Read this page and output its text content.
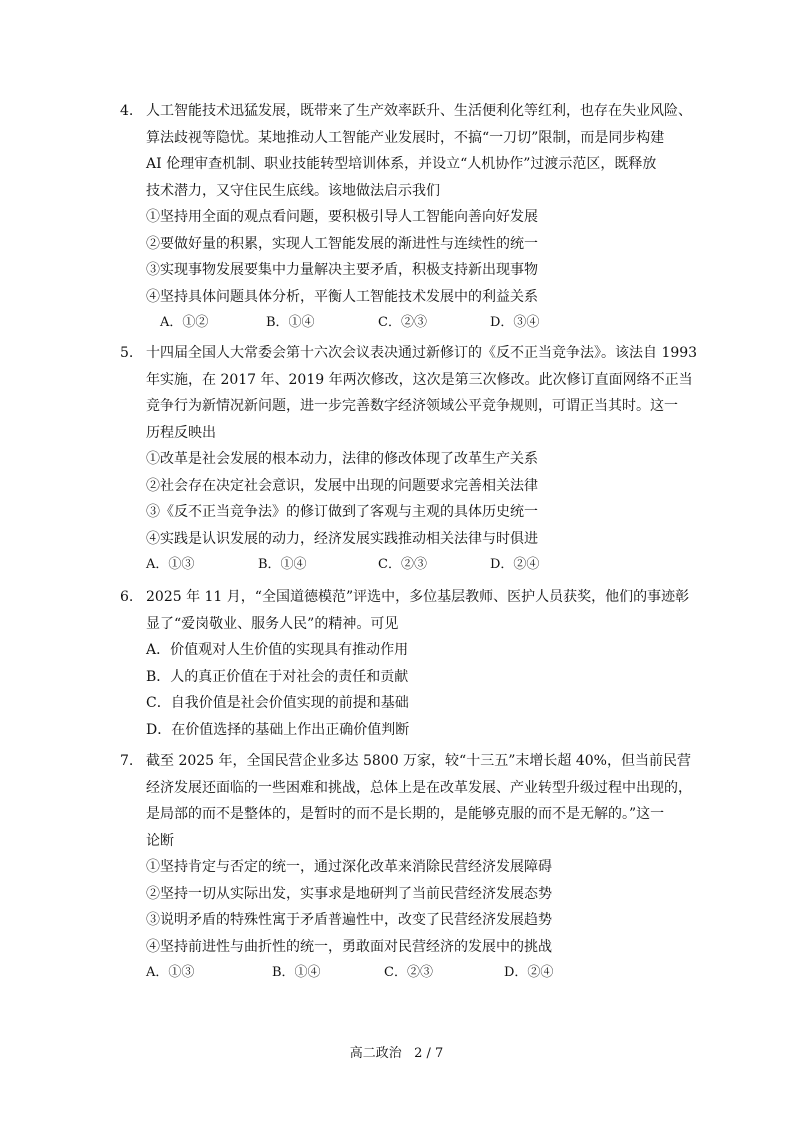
4. 人工智能技术迅猛发展，既带来了生产效率跃升、生活便利化等红利，也存在失业风险、
算法歧视等隐忧。某地推动人工智能产业发展时，不搞“一刀切”限制，而是同步构建
AI 伦理审查机制、职业技能转型培训体系，并设立“人机协作”过渡示范区，既释放
技术潜力，又守住民生底线。该地做法启示我们
①坚持用全面的观点看问题，要积极引导人工智能向善向好发展
②要做好量的积累，实现人工智能发展的渐进性与连续性的统一
③实现事物发展要集中力量解决主要矛盾，积极支持新出现事物
④坚持具体问题具体分析，平衡人工智能技术发展中的利益关系
A．①②	B．①④	C．②③	D．③④
5. 十四届全国人大常委会第十六次会议表决通过新修订的《反不正当竞争法》。该法自 1993
年实施，在 2017 年、2019 年两次修改，这次是第三次修改。此次修订直面网络不正当
竞争行为新情况新问题，进一步完善数字经济领域公平竞争规则，可谓正当其时。这一
历程反映出
①改革是社会发展的根本动力，法律的修改体现了改革生产关系
②社会存在决定社会意识，发展中出现的问题要求完善相关法律
③《反不正当竞争法》的修订做到了客观与主观的具体历史统一
④实践是认识发展的动力，经济发展实践推动相关法律与时俱进
A．①③	B．①④	C．②③	D．②④
6. 2025 年 11 月，“全国道德模范”评选中，多位基层教师、医护人员获奖，他们的事迹彰
显了“爱岗敬业、服务人民”的精神。可见
A．价值观对人生价值的实现具有推动作用
B．人的真正价值在于对社会的责任和贡献
C．自我价值是社会价值实现的前提和基础
D．在价值选择的基础上作出正确价值判断
7. 截至 2025 年，全国民营企业多达 5800 万家，较“十三五”末增长超 40%，但当前民营
经济发展还面临的一些困难和挑战，总体上是在改革发展、产业转型升级过程中出现的，
是局部的而不是整体的，是暂时的而不是长期的，是能够克服的而不是无解的。”这一
论断
①坚持肯定与否定的统一，通过深化改革来消除民营经济发展障碍
②坚持一切从实际出发，实事求是地研判了当前民营经济发展态势
③说明矛盾的特殊性寓于矛盾普遍性中，改变了民营经济发展趋势
④坚持前进性与曲折性的统一，勇敢面对民营经济的发展中的挑战
A．①③	B．①④	C．②③	D．②④
高二政治 2 / 7
